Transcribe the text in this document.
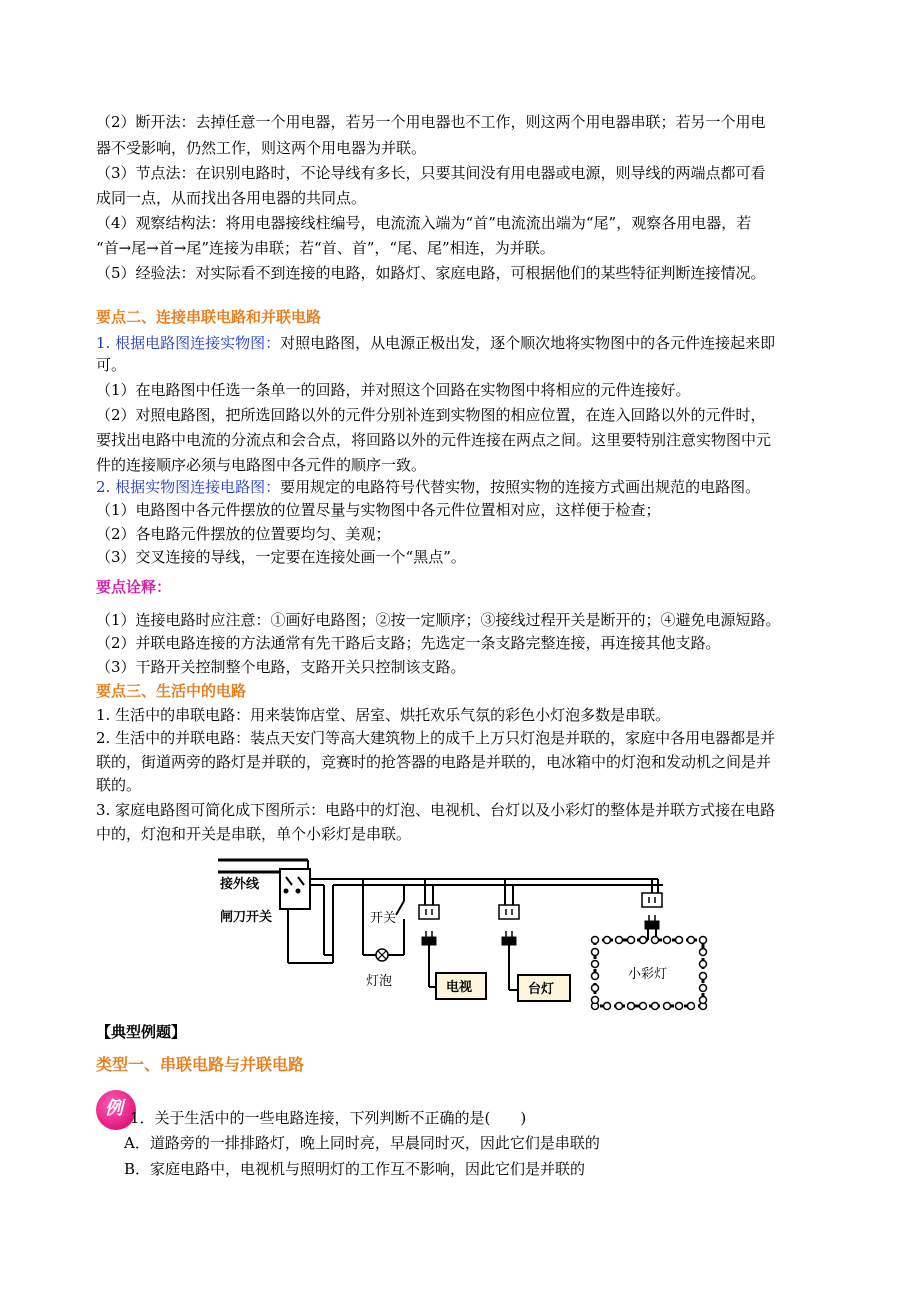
（2）断开法：去掉任意一个用电器，若另一个用电器也不工作，则这两个用电器串联；若另一个用电
器不受影响，仍然工作，则这两个用电器为并联。
（3）节点法：在识别电路时，不论导线有多长，只要其间没有用电器或电源，则导线的两端点都可看
成同一点，从而找出各用电器的共同点。
（4）观察结构法：将用电器接线柱编号，电流流入端为“首”电流流出端为“尾”，观察各用电器，若
“首→尾→首→尾”连接为串联；若“首、首”，“尾、尾”相连，为并联。
（5）经验法：对实际看不到连接的电路，如路灯、家庭电路，可根据他们的某些特征判断连接情况。
要点二、连接串联电路和并联电路
1. 根据电路图连接实物图：对照电路图，从电源正极出发，逐个顺次地将实物图中的各元件连接起来即
可。
（1）在电路图中任选一条单一的回路，并对照这个回路在实物图中将相应的元件连接好。
（2）对照电路图，把所选回路以外的元件分别补连到实物图的相应位置，在连入回路以外的元件时，
要找出电路中电流的分流点和会合点，将回路以外的元件连接在两点之间。这里要特别注意实物图中元
件的连接顺序必须与电路图中各元件的顺序一致。
2. 根据实物图连接电路图：要用规定的电路符号代替实物，按照实物的连接方式画出规范的电路图。
（1）电路图中各元件摆放的位置尽量与实物图中各元件位置相对应，这样便于检查；
（2）各电路元件摆放的位置要均匀、美观；
（3）交叉连接的导线，一定要在连接处画一个“黑点”。
要点诠释：
（1）连接电路时应注意：①画好电路图；②按一定顺序；③接线过程开关是断开的；④避免电源短路。
（2）并联电路连接的方法通常有先干路后支路；先选定一条支路完整连接，再连接其他支路。
（3）干路开关控制整个电路，支路开关只控制该支路。
要点三、生活中的电路
1. 生活中的串联电路：用来装饰店堂、居室、烘托欢乐气氛的彩色小灯泡多数是串联。
2. 生活中的并联电路：装点天安门等高大建筑物上的成千上万只灯泡是并联的，家庭中各用电器都是并
联的，街道两旁的路灯是并联的，竞赛时的抢答器的电路是并联的，电冰箱中的灯泡和发动机之间是并
联的。
3. 家庭电路图可简化成下图所示：电路中的灯泡、电视机、台灯以及小彩灯的整体是并联方式接在电路
中的，灯泡和开关是串联，单个小彩灯是串联。
接外线
闸刀开关	开关
灯泡	电视	台灯
小彩灯
【典型例题】
类型一、串联电路与并联电路
例 1．关于生活中的一些电路连接，下列判断不正确的是(　　)
A．道路旁的一排排路灯，晚上同时亮，早晨同时灭，因此它们是串联的
B．家庭电路中，电视机与照明灯的工作互不影响，因此它们是并联的
